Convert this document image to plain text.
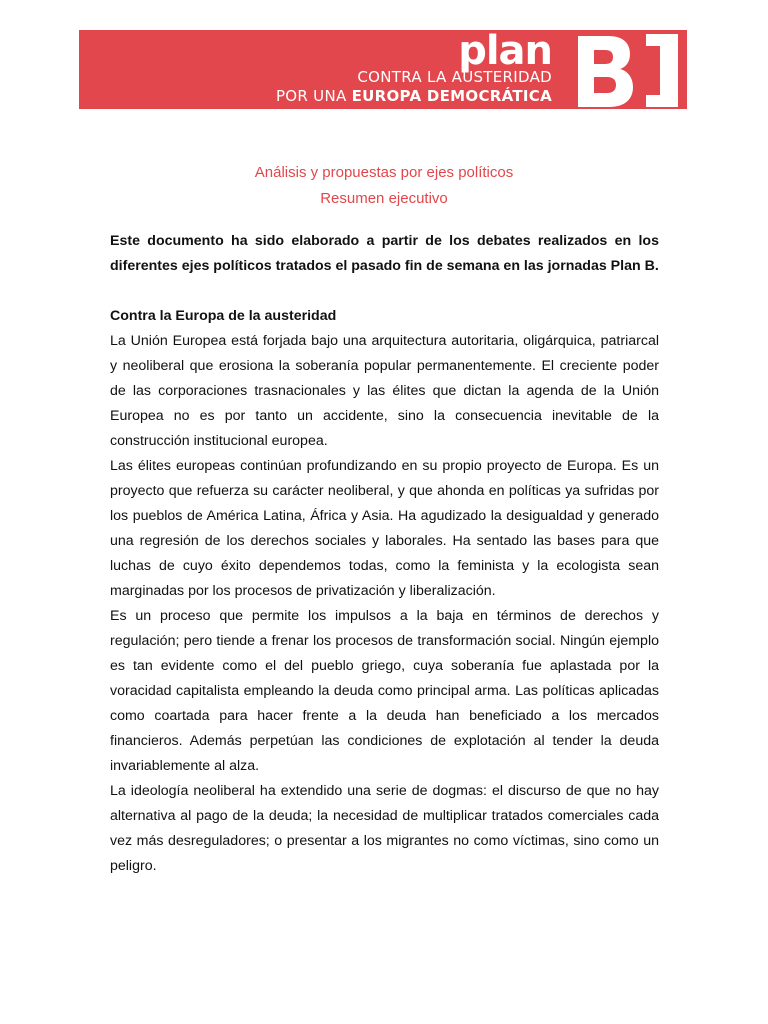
plan
CONTRA LA AUSTERIDAD
POR UNA EUROPA DEMOCRÁTICA
Análisis y propuestas por ejes políticos
Resumen ejecutivo

Este documento ha sido elaborado a partir de los debates realizados en los diferentes ejes políticos tratados el pasado fin de semana en las jornadas Plan B.

Contra la Europa de la austeridad

La Unión Europea está forjada bajo una arquitectura autoritaria, oligárquica, patriarcal y neoliberal que erosiona la soberanía popular permanentemente. El creciente poder de las corporaciones trasnacionales y las élites que dictan la agenda de la Unión Europea no es por tanto un accidente, sino la consecuencia inevitable de la construcción institucional europea.

Las élites europeas continúan profundizando en su propio proyecto de Europa. Es un proyecto que refuerza su carácter neoliberal, y que ahonda en políticas ya sufridas por los pueblos de América Latina, África y Asia. Ha agudizado la desigualdad y generado una regresión de los derechos sociales y laborales. Ha sentado las bases para que luchas de cuyo éxito dependemos todas, como la feminista y la ecologista sean marginadas por los procesos de privatización y liberalización.

Es un proceso que permite los impulsos a la baja en términos de derechos y regulación; pero tiende a frenar los procesos de transformación social. Ningún ejemplo es tan evidente como el del pueblo griego, cuya soberanía fue aplastada por la voracidad capitalista empleando la deuda como principal arma. Las políticas aplicadas como coartada para hacer frente a la deuda han beneficiado a los mercados financieros. Además perpetúan las condiciones de explotación al tender la deuda invariablemente al alza.

La ideología neoliberal ha extendido una serie de dogmas: el discurso de que no hay alternativa al pago de la deuda; la necesidad de multiplicar tratados comerciales cada vez más desreguladores; o presentar a los migrantes no como víctimas, sino como un peligro.
